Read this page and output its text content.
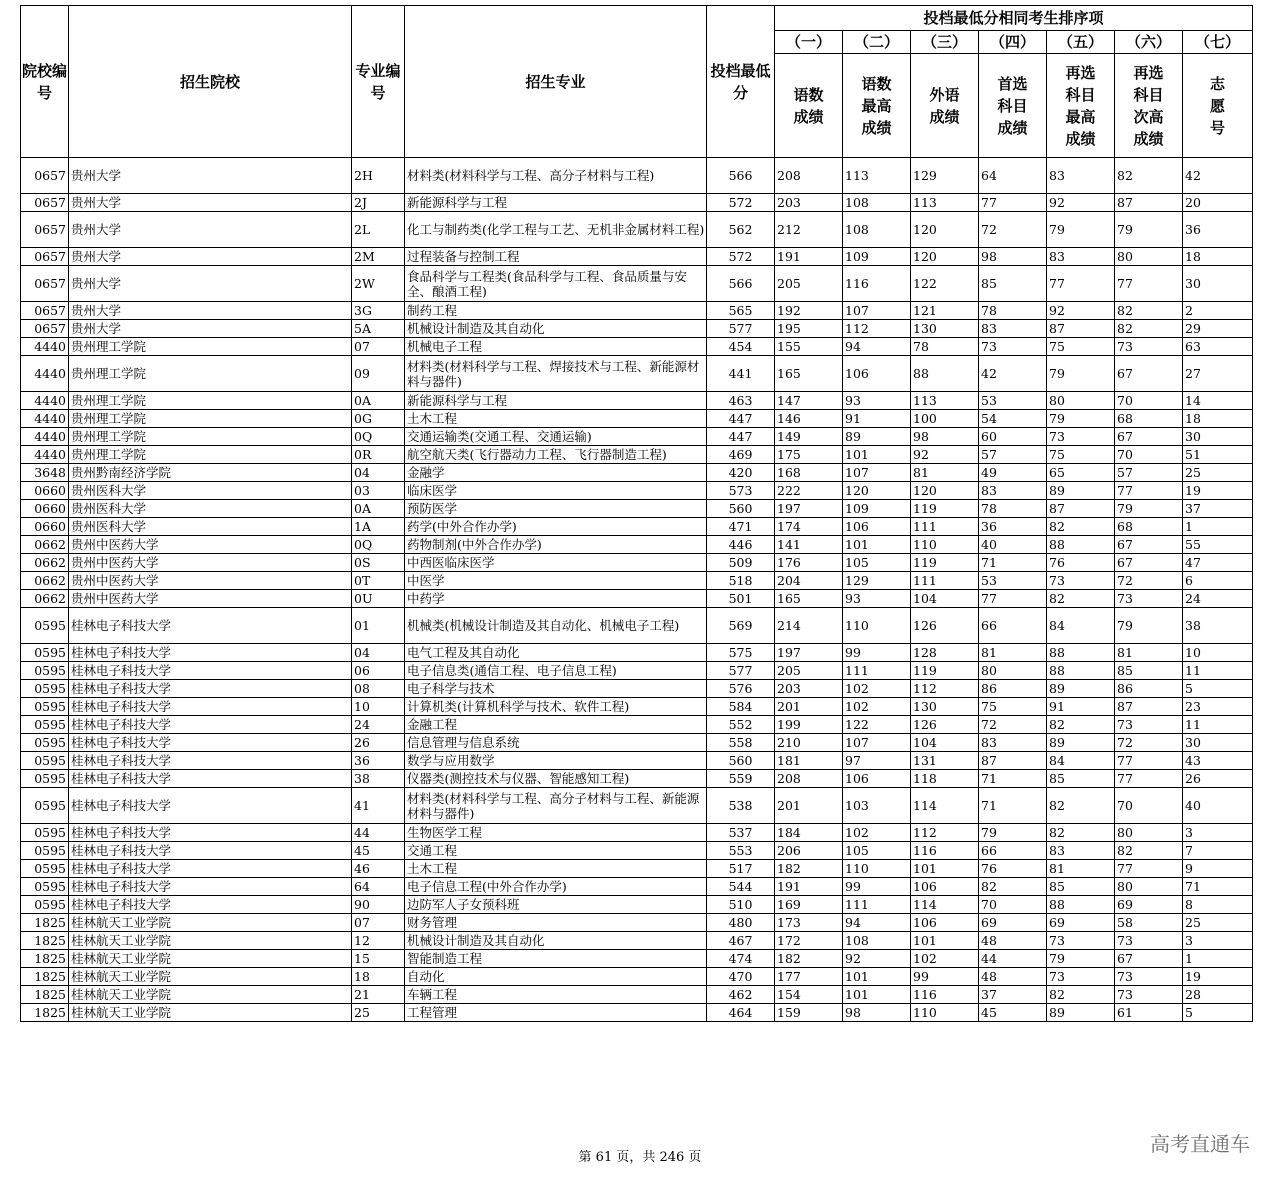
院校编号	招生院校	专业编号	招生专业	投档最低分	投档最低分相同考生排序项						
					（一）	（二）	（三）	（四）	（五）	（六）	（七）
					语数成绩	语数最高成绩	外语成绩	首选科目成绩	再选科目最高成绩	再选科目次高成绩	志愿号
0657	贵州大学	2H	材料类(材料科学与工程、高分子材料与工程)	566	208	113	129	64	83	82	42
0657	贵州大学	2J	新能源科学与工程	572	203	108	113	77	92	87	20
0657	贵州大学	2L	化工与制药类(化学工程与工艺、无机非金属材料工程)	562	212	108	120	72	79	79	36
0657	贵州大学	2M	过程装备与控制工程	572	191	109	120	98	83	80	18
0657	贵州大学	2W	食品科学与工程类(食品科学与工程、食品质量与安全、酿酒工程)	566	205	116	122	85	77	77	30
0657	贵州大学	3G	制药工程	565	192	107	121	78	92	82	2
0657	贵州大学	5A	机械设计制造及其自动化	577	195	112	130	83	87	82	29
4440	贵州理工学院	07	机械电子工程	454	155	94	78	73	75	73	63
4440	贵州理工学院	09	材料类(材料科学与工程、焊接技术与工程、新能源材料与器件)	441	165	106	88	42	79	67	27
4440	贵州理工学院	0A	新能源科学与工程	463	147	93	113	53	80	70	14
4440	贵州理工学院	0G	土木工程	447	146	91	100	54	79	68	18
4440	贵州理工学院	0Q	交通运输类(交通工程、交通运输)	447	149	89	98	60	73	67	30
4440	贵州理工学院	0R	航空航天类(飞行器动力工程、飞行器制造工程)	469	175	101	92	57	75	70	51
3648	贵州黔南经济学院	04	金融学	420	168	107	81	49	65	57	25
0660	贵州医科大学	03	临床医学	573	222	120	120	83	89	77	19
0660	贵州医科大学	0A	预防医学	560	197	109	119	78	87	79	37
0660	贵州医科大学	1A	药学(中外合作办学)	471	174	106	111	36	82	68	1
0662	贵州中医药大学	0Q	药物制剂(中外合作办学)	446	141	101	110	40	88	67	55
0662	贵州中医药大学	0S	中西医临床医学	509	176	105	119	71	76	67	47
0662	贵州中医药大学	0T	中医学	518	204	129	111	53	73	72	6
0662	贵州中医药大学	0U	中药学	501	165	93	104	77	82	73	24
0595	桂林电子科技大学	01	机械类(机械设计制造及其自动化、机械电子工程)	569	214	110	126	66	84	79	38
0595	桂林电子科技大学	04	电气工程及其自动化	575	197	99	128	81	88	81	10
0595	桂林电子科技大学	06	电子信息类(通信工程、电子信息工程)	577	205	111	119	80	88	85	11
0595	桂林电子科技大学	08	电子科学与技术	576	203	102	112	86	89	86	5
0595	桂林电子科技大学	10	计算机类(计算机科学与技术、软件工程)	584	201	102	130	75	91	87	23
0595	桂林电子科技大学	24	金融工程	552	199	122	126	72	82	73	11
0595	桂林电子科技大学	26	信息管理与信息系统	558	210	107	104	83	89	72	30
0595	桂林电子科技大学	36	数学与应用数学	560	181	97	131	87	84	77	43
0595	桂林电子科技大学	38	仪器类(测控技术与仪器、智能感知工程)	559	208	106	118	71	85	77	26
0595	桂林电子科技大学	41	材料类(材料科学与工程、高分子材料与工程、新能源材料与器件)	538	201	103	114	71	82	70	40
0595	桂林电子科技大学	44	生物医学工程	537	184	102	112	79	82	80	3
0595	桂林电子科技大学	45	交通工程	553	206	105	116	66	83	82	7
0595	桂林电子科技大学	46	土木工程	517	182	110	101	76	81	77	9
0595	桂林电子科技大学	64	电子信息工程(中外合作办学)	544	191	99	106	82	85	80	71
0595	桂林电子科技大学	90	边防军人子女预科班	510	169	111	114	70	88	69	8
1825	桂林航天工业学院	07	财务管理	480	173	94	106	69	69	58	25
1825	桂林航天工业学院	12	机械设计制造及其自动化	467	172	108	101	48	73	73	3
1825	桂林航天工业学院	15	智能制造工程	474	182	92	102	44	79	67	1
1825	桂林航天工业学院	18	自动化	470	177	101	99	48	73	73	19
1825	桂林航天工业学院	21	车辆工程	462	154	101	116	37	82	73	28
1825	桂林航天工业学院	25	工程管理	464	159	98	110	45	89	61	5
第 61 页，共 246 页
高考直通车
